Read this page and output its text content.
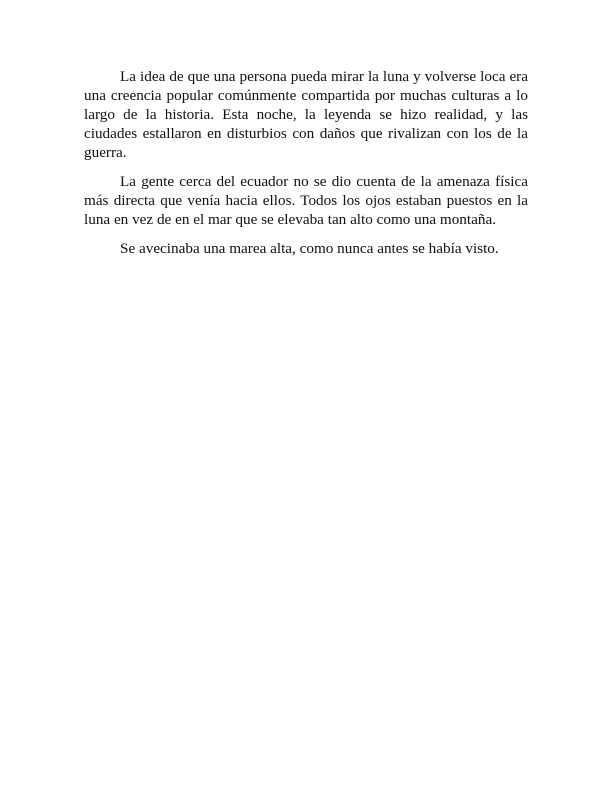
La idea de que una persona pueda mirar la luna y volverse loca era una creencia popular comúnmente compartida por muchas culturas a lo largo de la historia. Esta noche, la leyenda se hizo realidad, y las ciudades estallaron en disturbios con daños que rivalizan con los de la guerra.

La gente cerca del ecuador no se dio cuenta de la amenaza física más directa que venía hacia ellos. Todos los ojos estaban puestos en la luna en vez de en el mar que se elevaba tan alto como una montaña.

Se avecinaba una marea alta, como nunca antes se había visto.
